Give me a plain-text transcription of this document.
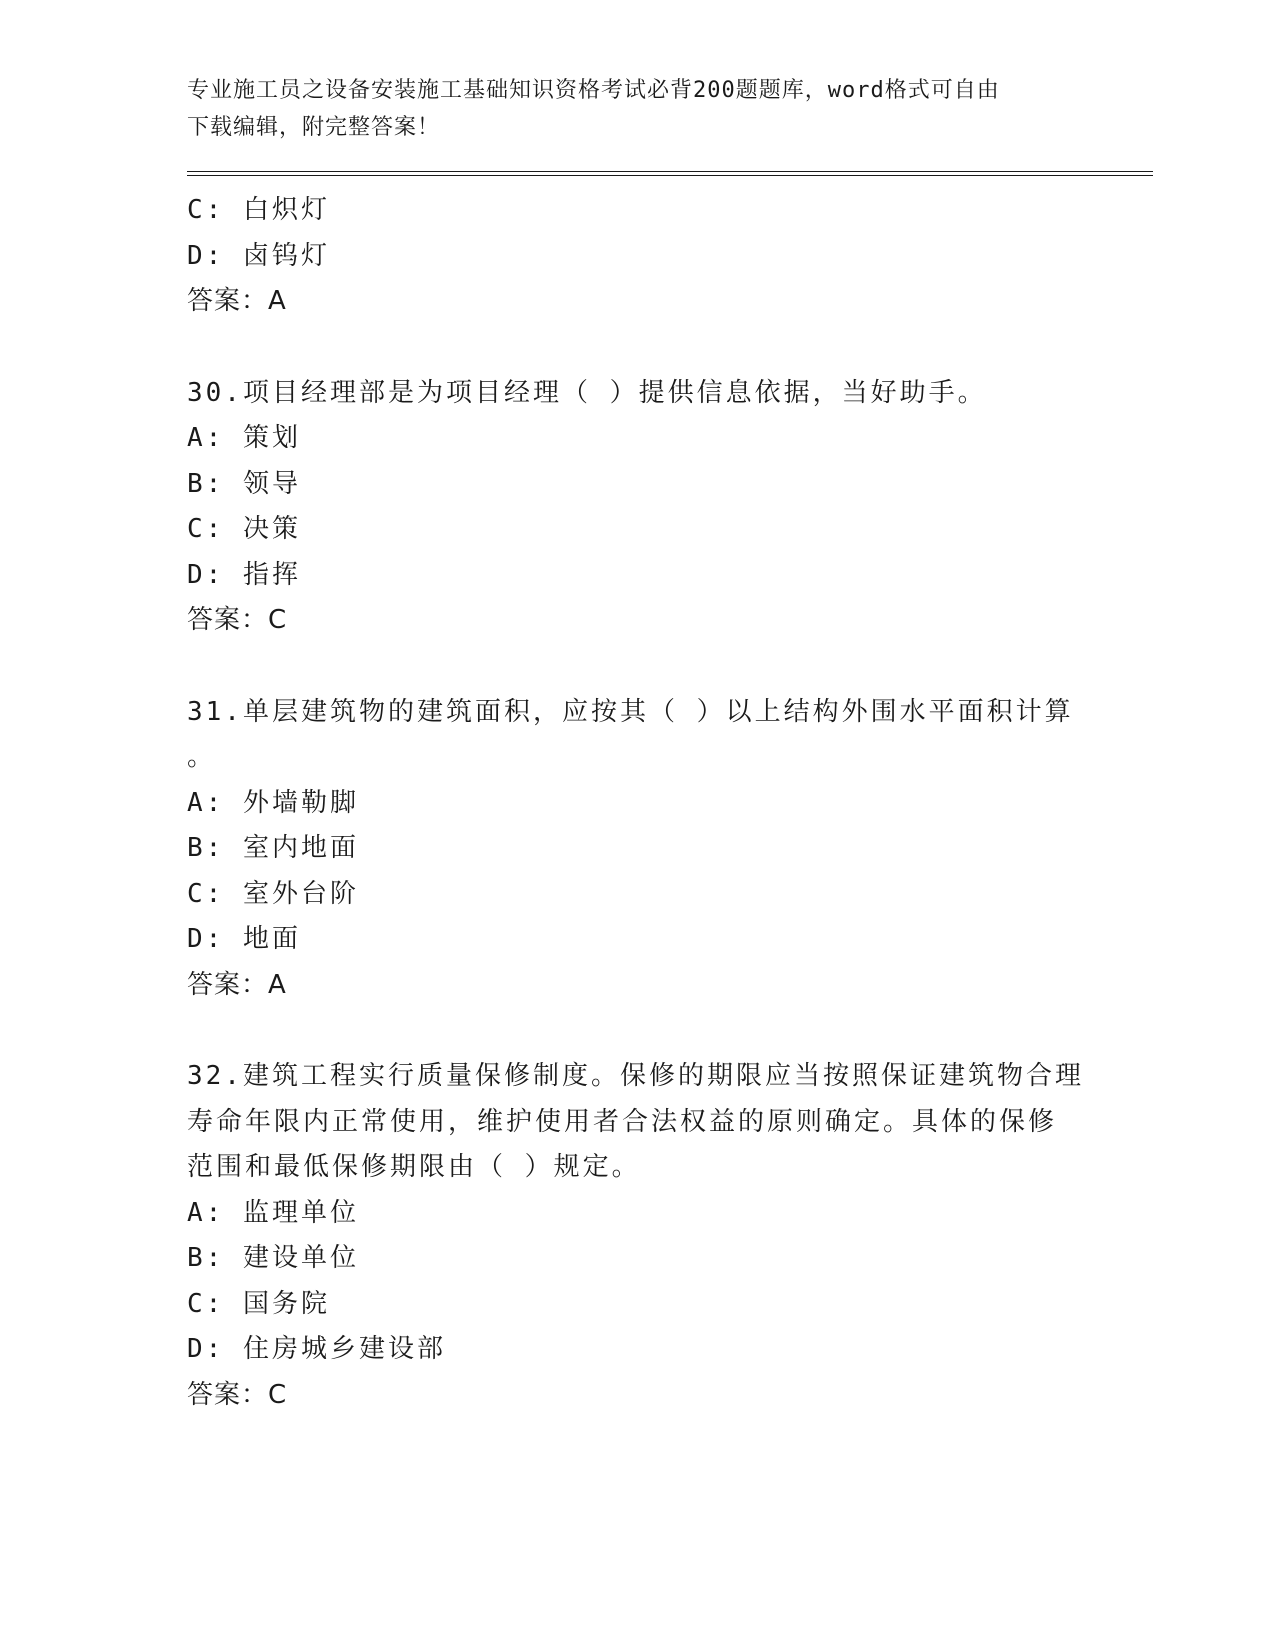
专业施工员之设备安装施工基础知识资格考试必背200题题库，word格式可自由
下载编辑，附完整答案！
C: 白炽灯
D: 卤钨灯
答案：A
30.项目经理部是为项目经理（ ）提供信息依据，当好助手。
A: 策划
B: 领导
C: 决策
D: 指挥
答案：C
31.单层建筑物的建筑面积，应按其（ ）以上结构外围水平面积计算
。
A: 外墙勒脚
B: 室内地面
C: 室外台阶
D: 地面
答案：A
32.建筑工程实行质量保修制度。保修的期限应当按照保证建筑物合理
寿命年限内正常使用，维护使用者合法权益的原则确定。具体的保修
范围和最低保修期限由（ ）规定。
A: 监理单位
B: 建设单位
C: 国务院
D: 住房城乡建设部
答案：C
